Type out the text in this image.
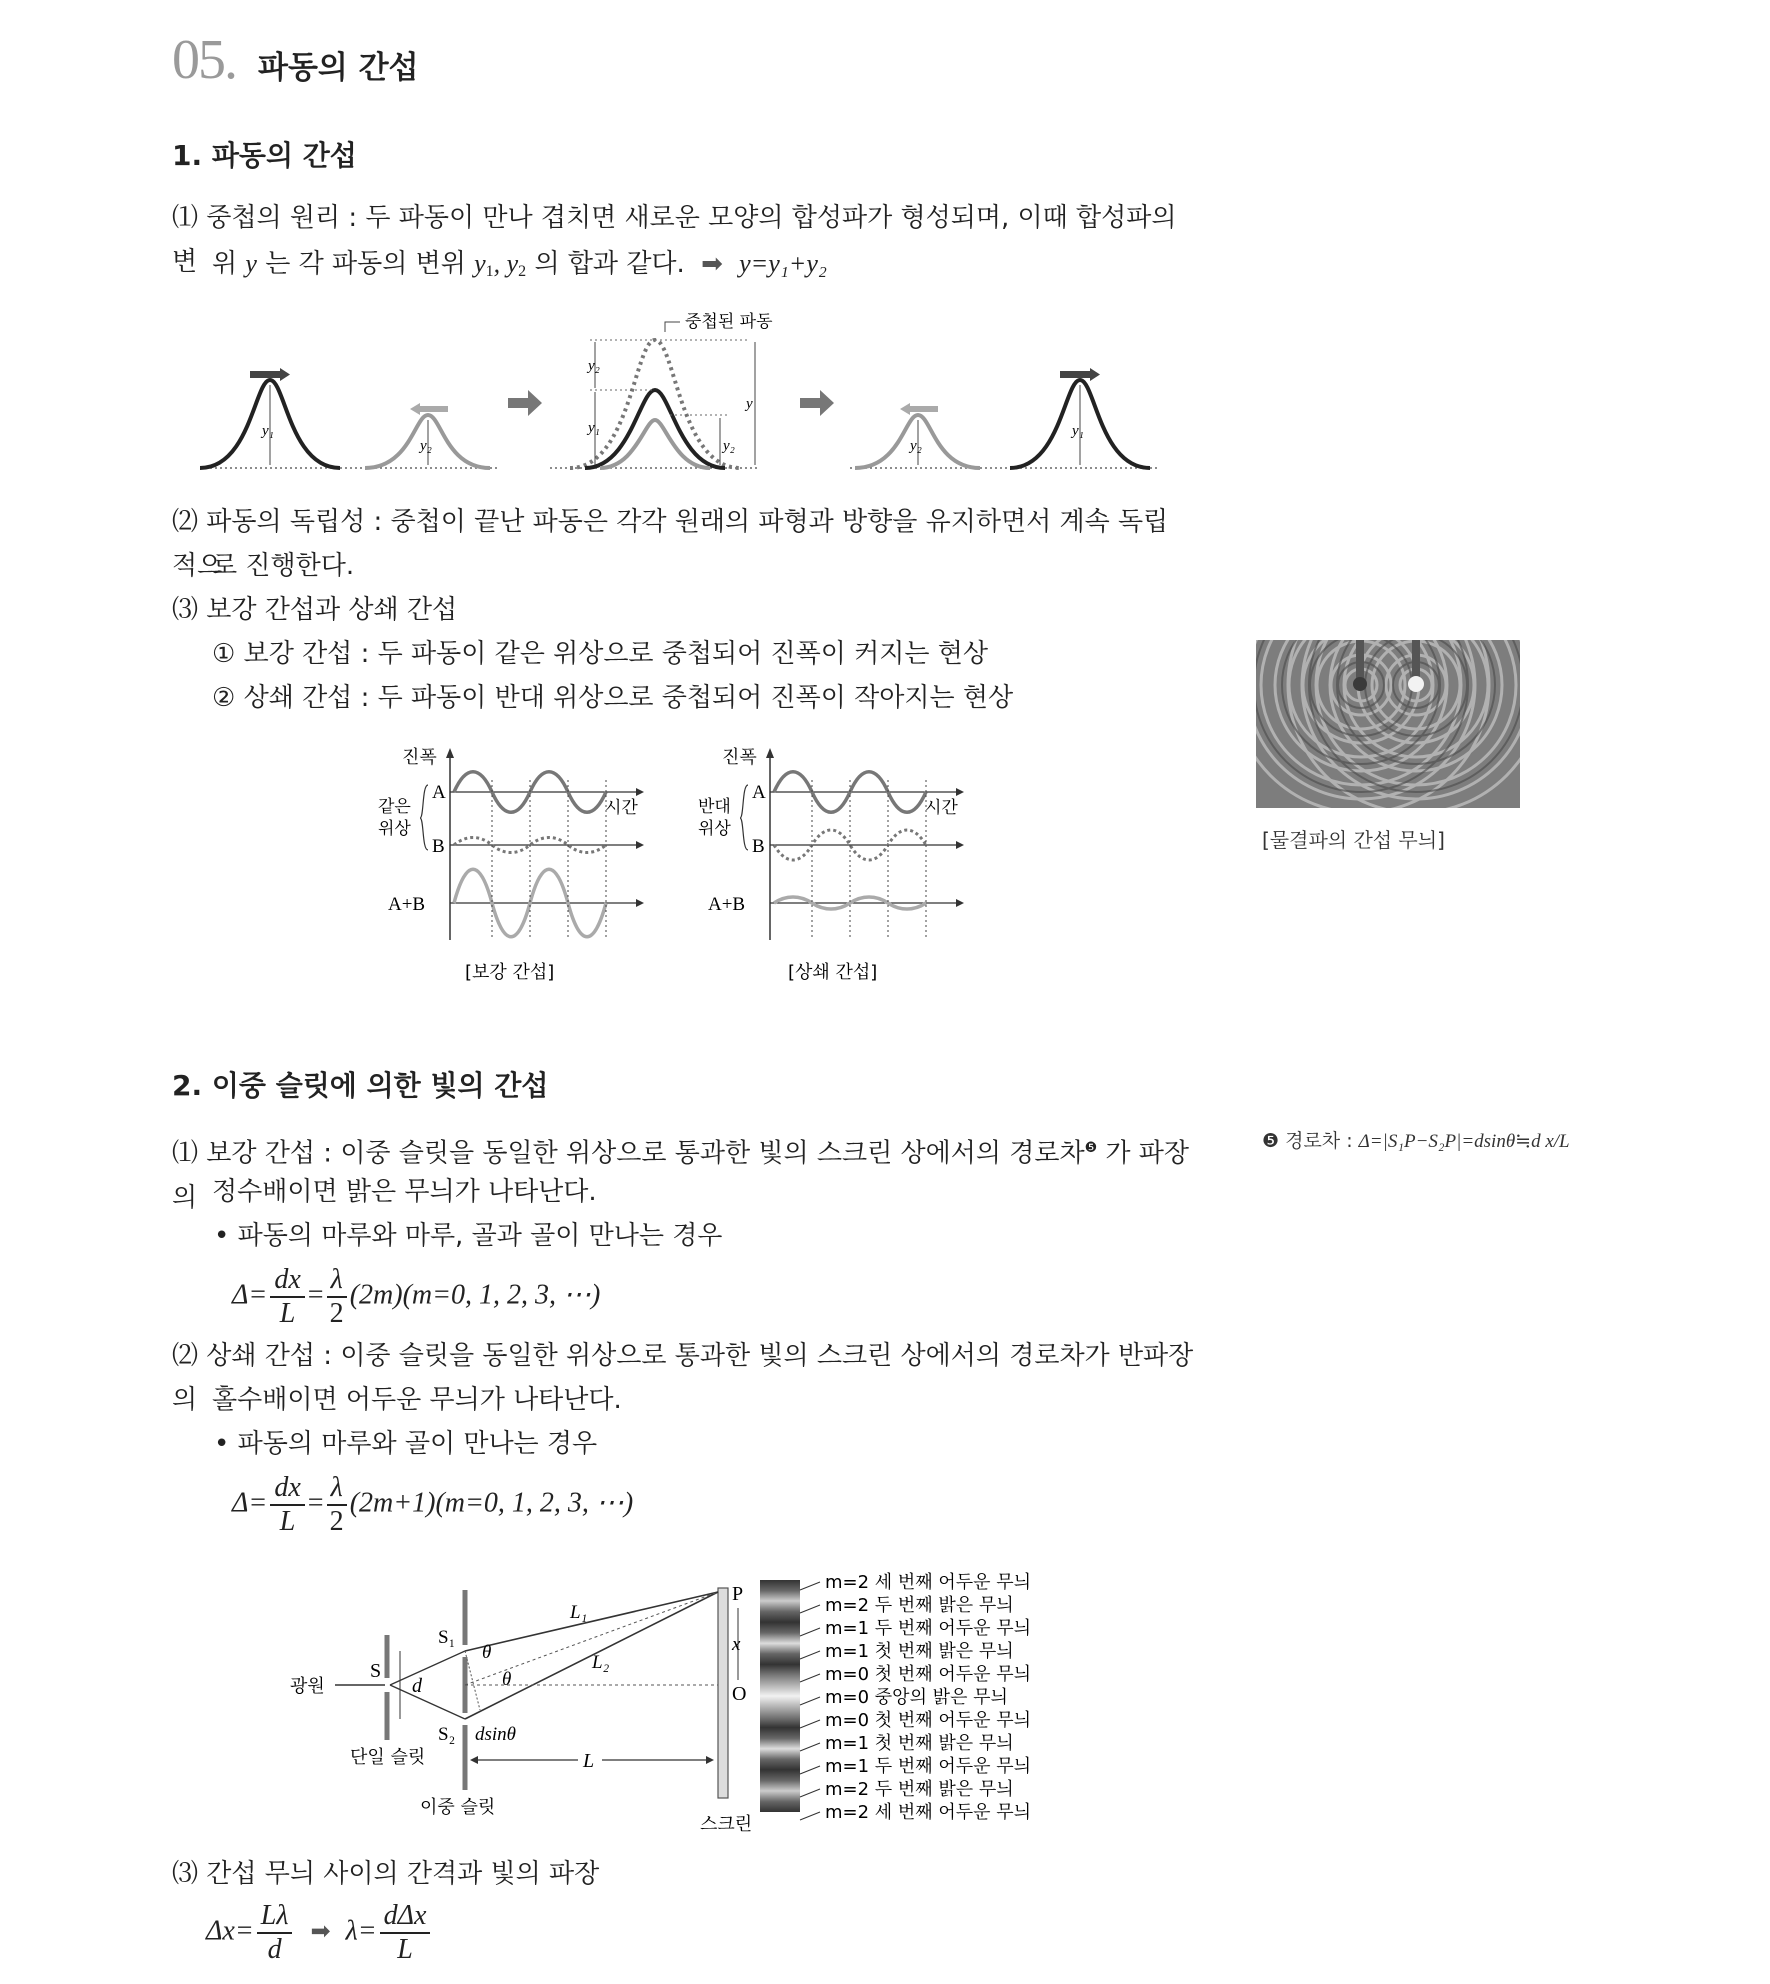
05. 파동의 간섭
1. 파동의 간섭
⑴ 중첩의 원리 : 두 파동이 만나 겹치면 새로운 모양의 합성파가 형성되며, 이때 합성파의 변 위 y 는 각 파동의 변위 $y_1$, $y_2$ 의 합과 같다. ➡ y=y₁+y₂
y₁
y₂
y₂
y₁
y₂
y
중첩된 파동
y₂
y₁
⑵ 파동의 독립성 : 중첩이 끝난 파동은 각각 원래의 파형과 방향을 유지하면서 계속 독립적으
로 진행한다.
⑶ 보강 간섭과 상쇄 간섭
① 보강 간섭 : 두 파동이 같은 위상으로 중첩되어 진폭이 커지는 현상
② 상쇄 간섭 : 두 파동이 반대 위상으로 중첩되어 진폭이 작아지는 현상
진폭
A
B
A+B
같은
위상
시간
[보강 간섭]
진폭
A
B
A+B
반대
위상
시간
[상쇄 간섭]
[물결파의 간섭 무늬]
2. 이중 슬릿에 의한 빛의 간섭
❺ 경로차 : Δ=|S₁P−S₂P|=dsinθ≒d x/L
⑴ 보강 간섭 : 이중 슬릿을 동일한 위상으로 통과한 빛의 스크린 상에서의 경로차$^❺$ 가 파장의 정수배이면 밝은 무늬가 나타난다.
• 파동의 마루와 마루, 골과 골이 만나는 경우
$\Delta= \frac{dx}{L} = \frac{\lambda}{2} (2m)(m=0$, 1, 2, 3, ⋯)
⑵ 상쇄 간섭 : 이중 슬릿을 동일한 위상으로 통과한 빛의 스크린 상에서의 경로차가 반파장의 홀수배이면 어두운 무늬가 나타난다.
• 파동의 마루와 골이 만나는 경우
$\Delta= \frac{dx}{L} = \frac{\lambda}{2} (2m+1)(m=0$, 1, 2, 3, ⋯)
광원
S
단일 슬릿
S₁
S₂
이중 슬릿
d
스크린
P
O
x
L₁
L₂
θ
θ
dsinθ
L
m=2 세 번째 어두운 무늬
m=2 두 번째 밝은 무늬
m=1 두 번째 어두운 무늬
m=1 첫 번째 밝은 무늬
m=0 첫 번째 어두운 무늬
m=0 중앙의 밝은 무늬
m=0 첫 번째 어두운 무늬
m=1 첫 번째 밝은 무늬
m=1 두 번째 어두운 무늬
m=2 두 번째 밝은 무늬
m=2 세 번째 어두운 무늬
⑶ 간섭 무늬 사이의 간격과 빛의 파장
$\Delta x= \frac{L\lambda}{d}$ ➡ $\lambda= \frac{\text{dΔx}}{L}$
